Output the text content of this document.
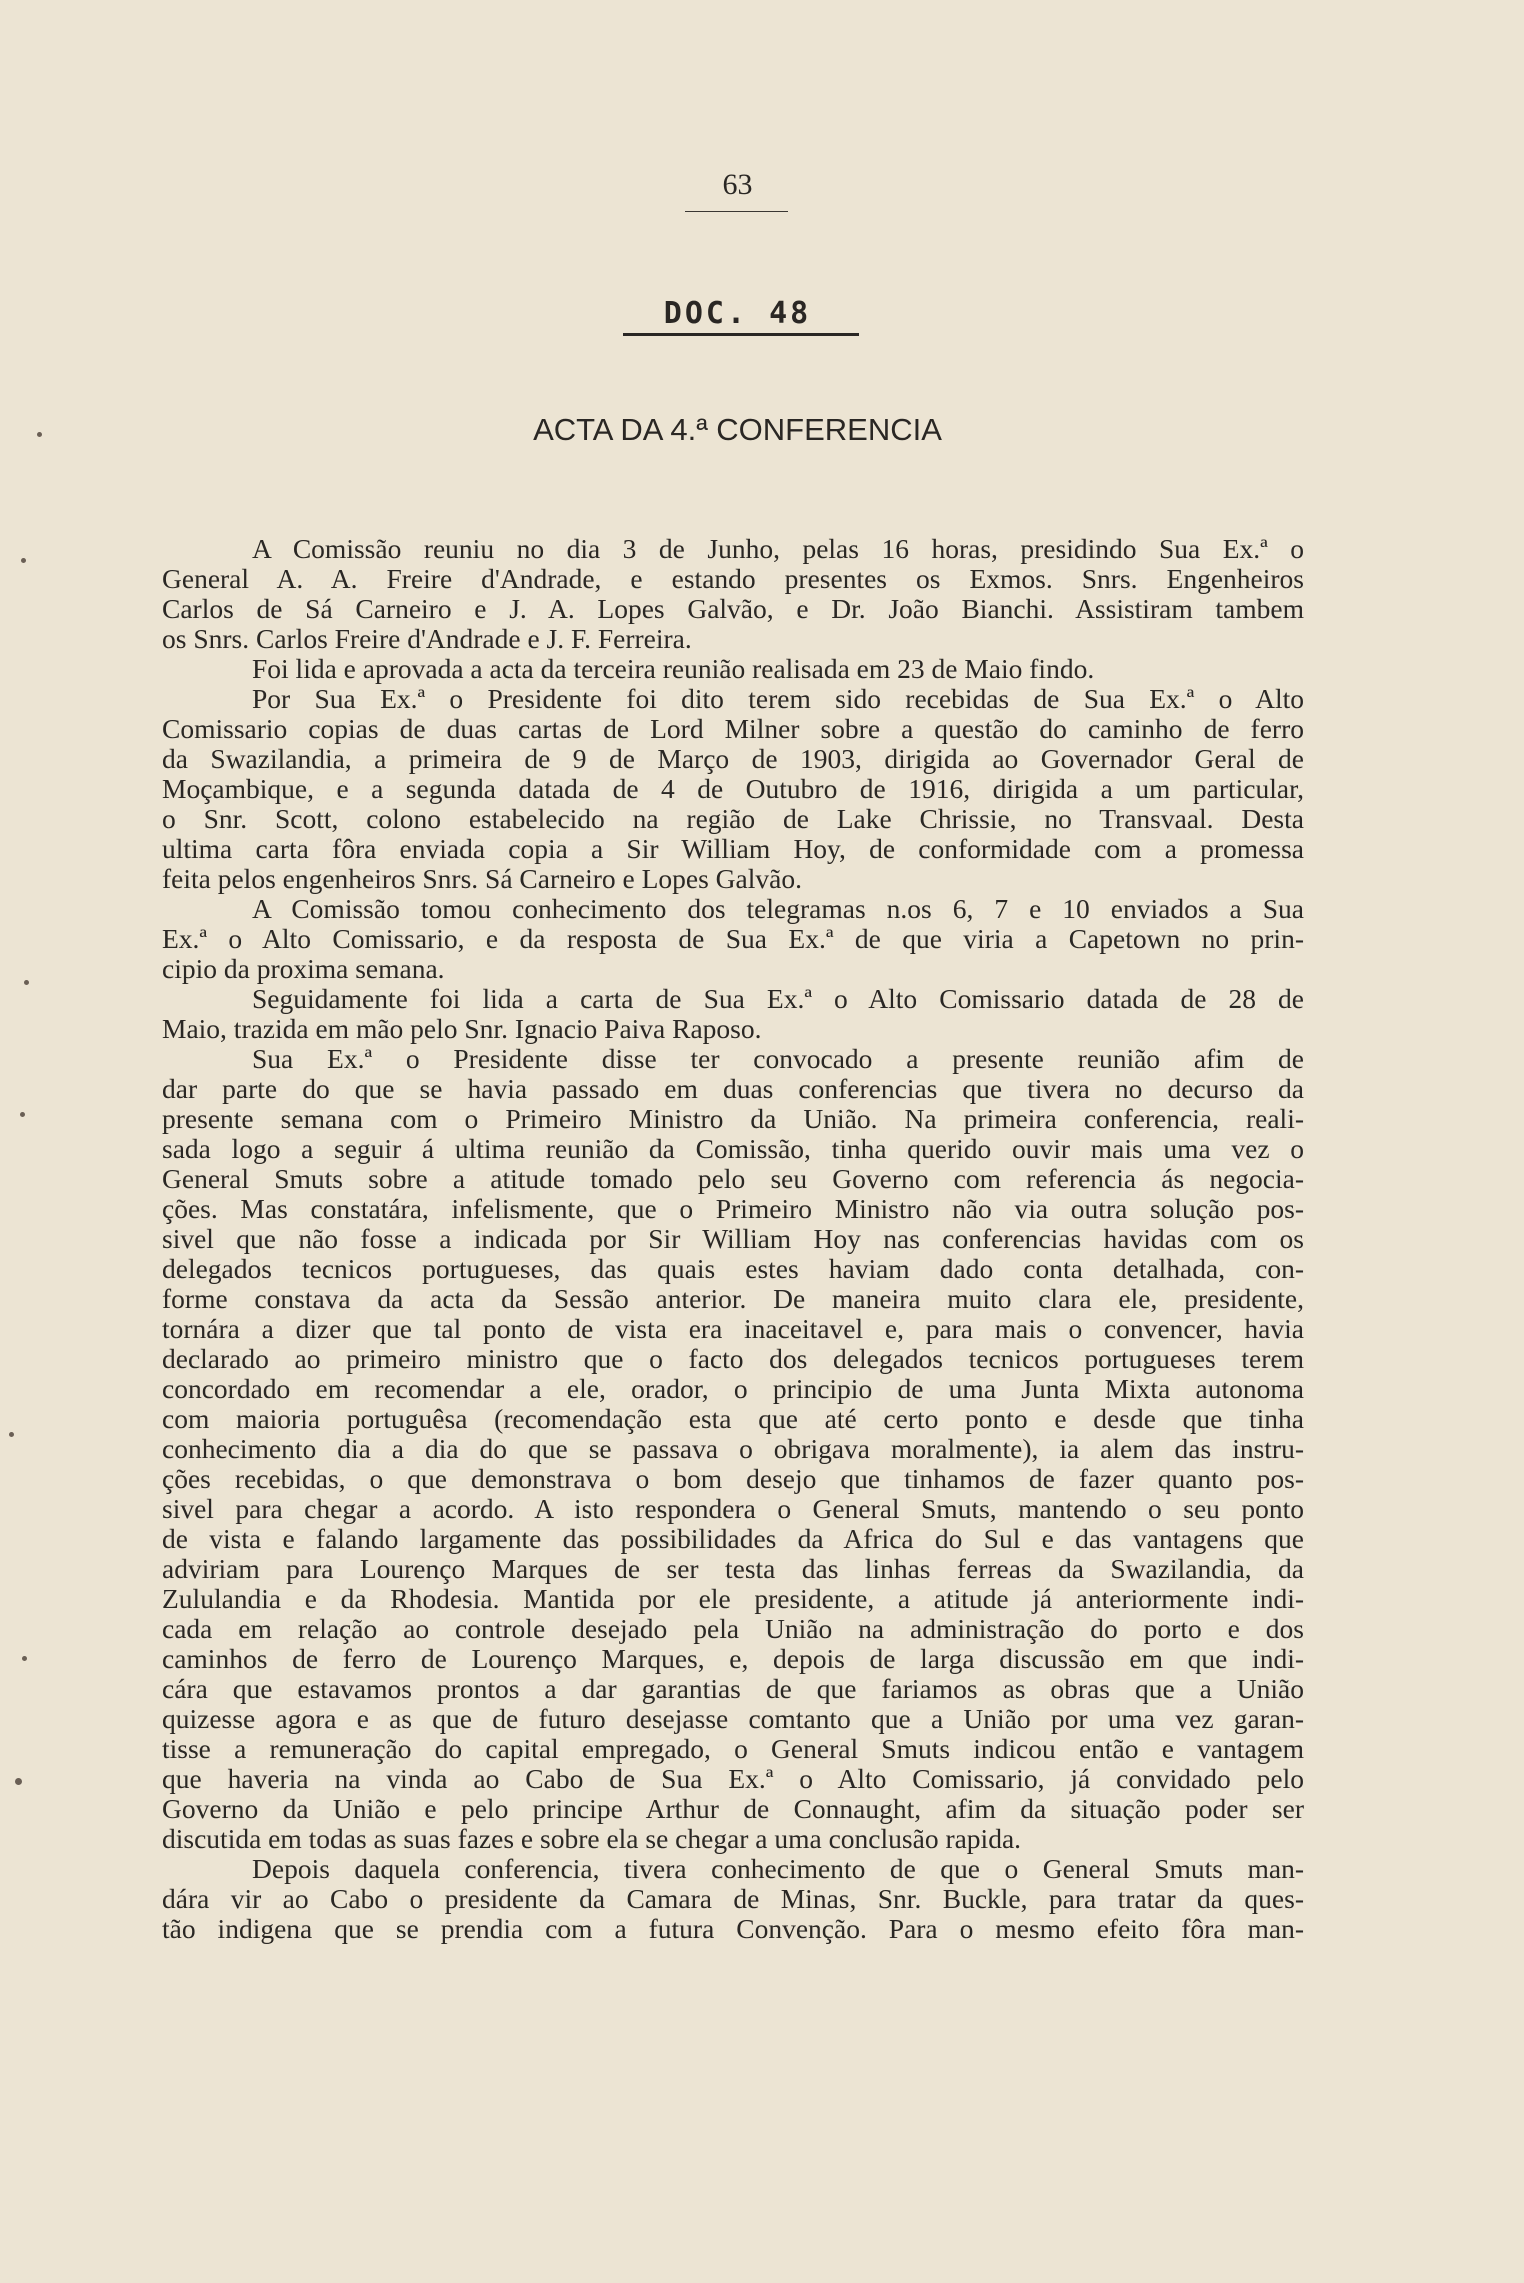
63
DOC. 48
ACTA DA 4.ª CONFERENCIA
A Comissão reuniu no dia 3 de Junho, pelas 16 horas, presidindo Sua Ex.ª o
General A. A. Freire d'Andrade, e estando presentes os Exmos. Snrs. Engenheiros
Carlos de Sá Carneiro e J. A. Lopes Galvão, e Dr. João Bianchi. Assistiram tambem
os Snrs. Carlos Freire d'Andrade e J. F. Ferreira.
Foi lida e aprovada a acta da terceira reunião realisada em 23 de Maio findo.
Por Sua Ex.ª o Presidente foi dito terem sido recebidas de Sua Ex.ª o Alto
Comissario copias de duas cartas de Lord Milner sobre a questão do caminho de ferro
da Swazilandia, a primeira de 9 de Março de 1903, dirigida ao Governador Geral de
Moçambique, e a segunda datada de 4 de Outubro de 1916, dirigida a um particular,
o Snr. Scott, colono estabelecido na região de Lake Chrissie, no Transvaal. Desta
ultima carta fôra enviada copia a Sir William Hoy, de conformidade com a promessa
feita pelos engenheiros Snrs. Sá Carneiro e Lopes Galvão.
A Comissão tomou conhecimento dos telegramas n.os 6, 7 e 10 enviados a Sua
Ex.ª o Alto Comissario, e da resposta de Sua Ex.ª de que viria a Capetown no prin-
cipio da proxima semana.
Seguidamente foi lida a carta de Sua Ex.ª o Alto Comissario datada de 28 de
Maio, trazida em mão pelo Snr. Ignacio Paiva Raposo.
Sua Ex.ª o Presidente disse ter convocado a presente reunião afim de
dar parte do que se havia passado em duas conferencias que tivera no decurso da
presente semana com o Primeiro Ministro da União. Na primeira conferencia, reali-
sada logo a seguir á ultima reunião da Comissão, tinha querido ouvir mais uma vez o
General Smuts sobre a atitude tomado pelo seu Governo com referencia ás negocia-
ções. Mas constatára, infelismente, que o Primeiro Ministro não via outra solução pos-
sivel que não fosse a indicada por Sir William Hoy nas conferencias havidas com os
delegados tecnicos portugueses, das quais estes haviam dado conta detalhada, con-
forme constava da acta da Sessão anterior. De maneira muito clara ele, presidente,
tornára a dizer que tal ponto de vista era inaceitavel e, para mais o convencer, havia
declarado ao primeiro ministro que o facto dos delegados tecnicos portugueses terem
concordado em recomendar a ele, orador, o principio de uma Junta Mixta autonoma
com maioria portuguêsa (recomendação esta que até certo ponto e desde que tinha
conhecimento dia a dia do que se passava o obrigava moralmente), ia alem das instru-
ções recebidas, o que demonstrava o bom desejo que tinhamos de fazer quanto pos-
sivel para chegar a acordo. A isto respondera o General Smuts, mantendo o seu ponto
de vista e falando largamente das possibilidades da Africa do Sul e das vantagens que
adviriam para Lourenço Marques de ser testa das linhas ferreas da Swazilandia, da
Zululandia e da Rhodesia. Mantida por ele presidente, a atitude já anteriormente indi-
cada em relação ao controle desejado pela União na administração do porto e dos
caminhos de ferro de Lourenço Marques, e, depois de larga discussão em que indi-
cára que estavamos prontos a dar garantias de que fariamos as obras que a União
quizesse agora e as que de futuro desejasse comtanto que a União por uma vez garan-
tisse a remuneração do capital empregado, o General Smuts indicou então e vantagem
que haveria na vinda ao Cabo de Sua Ex.ª o Alto Comissario, já convidado pelo
Governo da União e pelo principe Arthur de Connaught, afim da situação poder ser
discutida em todas as suas fazes e sobre ela se chegar a uma conclusão rapida.
Depois daquela conferencia, tivera conhecimento de que o General Smuts man-
dára vir ao Cabo o presidente da Camara de Minas, Snr. Buckle, para tratar da ques-
tão indigena que se prendia com a futura Convenção. Para o mesmo efeito fôra man-
